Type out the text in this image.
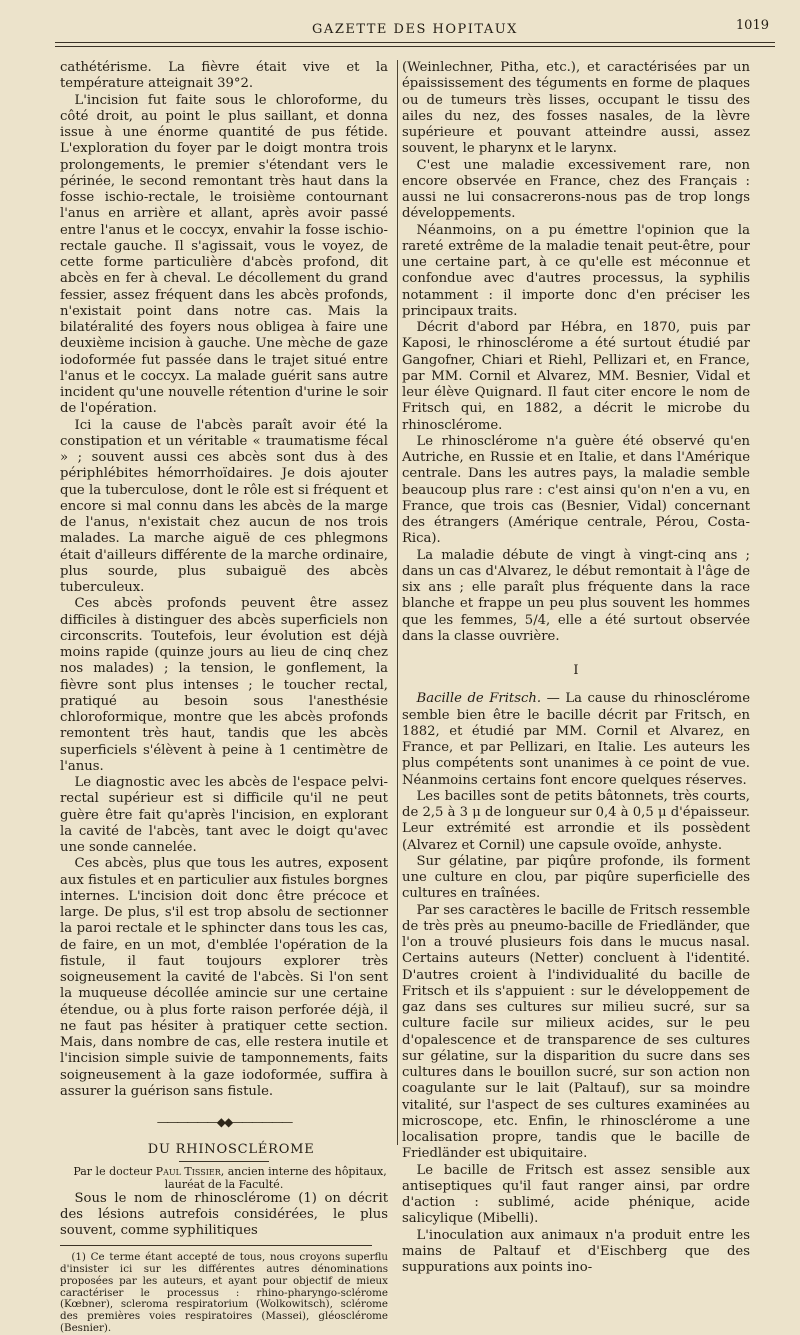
GAZETTE DES HOPITAUX	1019

cathétérisme. La fièvre était vive et la température atteignait 39°2.

L'incision fut faite sous le chloroforme, du côté droit, au point le plus saillant, et donna issue à une énorme quantité de pus fétide. L'exploration du foyer par le doigt montra trois prolongements, le premier s'étendant vers le périnée, le second remontant très haut dans la fosse ischio-rectale, le troisième contournant l'anus en arrière et allant, après avoir passé entre l'anus et le coccyx, envahir la fosse ischio-rectale gauche. Il s'agissait, vous le voyez, de cette forme particulière d'abcès profond, dit abcès en fer à cheval. Le décollement du grand fessier, assez fréquent dans les abcès profonds, n'existait point dans notre cas. Mais la bilatéralité des foyers nous obligea à faire une deuxième incision à gauche. Une mèche de gaze iodoformée fut passée dans le trajet situé entre l'anus et le coccyx. La malade guérit sans autre incident qu'une nouvelle rétention d'urine le soir de l'opération.

Ici la cause de l'abcès paraît avoir été la constipation et un véritable « traumatisme fécal » ; souvent aussi ces abcès sont dus à des périphlébites hémorrhoïdaires. Je dois ajouter que la tuberculose, dont le rôle est si fréquent et encore si mal connu dans les abcès de la marge de l'anus, n'existait chez aucun de nos trois malades. La marche aiguë de ces phlegmons était d'ailleurs différente de la marche ordinaire, plus sourde, plus subaiguë des abcès tuberculeux.

Ces abcès profonds peuvent être assez difficiles à distinguer des abcès superficiels non circonscrits. Toutefois, leur évolution est déjà moins rapide (quinze jours au lieu de cinq chez nos malades) ; la tension, le gonflement, la fièvre sont plus intenses ; le toucher rectal, pratiqué au besoin sous l'anesthésie chloroformique, montre que les abcès profonds remontent très haut, tandis que les abcès superficiels s'élèvent à peine à 1 centimètre de l'anus.

Le diagnostic avec les abcès de l'espace pelvi-rectal supérieur est si difficile qu'il ne peut guère être fait qu'après l'incision, en explorant la cavité de l'abcès, tant avec le doigt qu'avec une sonde cannelée.

Ces abcès, plus que tous les autres, exposent aux fistules et en particulier aux fistules borgnes internes. L'incision doit donc être précoce et large. De plus, s'il est trop absolu de sectionner la paroi rectale et le sphincter dans tous les cas, de faire, en un mot, d'emblée l'opération de la fistule, il faut toujours explorer très soigneusement la cavité de l'abcès. Si l'on sent la muqueuse décollée amincie sur une certaine étendue, ou à plus forte raison perforée déjà, il ne faut pas hésiter à pratiquer cette section. Mais, dans nombre de cas, elle restera inutile et l'incision simple suivie de tamponnements, faits soigneusement à la gaze iodoformée, suffira à assurer la guérison sans fistule.

——————◆◆——————

DU RHINOSCLÉROME

Par le docteur Paul Tissier, ancien interne des hôpitaux,
lauréat de la Faculté.

Sous le nom de rhinosclérome (1) on décrit des lésions autrefois considérées, le plus souvent, comme syphilitiques

(1) Ce terme étant accepté de tous, nous croyons superflu d'insister ici sur les différentes autres dénominations proposées par les auteurs, et ayant pour objectif de mieux caractériser le processus : rhino-pharyngo-sclérome (Kœbner), scleroma respiratorium (Wolkowitsch), sclérome des premières voies respiratoires (Massei), gléosclérome (Besnier).

(Weinlechner, Pitha, etc.), et caractérisées par un épaississement des téguments en forme de plaques ou de tumeurs très lisses, occupant le tissu des ailes du nez, des fosses nasales, de la lèvre supérieure et pouvant atteindre aussi, assez souvent, le pharynx et le larynx.

C'est une maladie excessivement rare, non encore observée en France, chez des Français : aussi ne lui consacrerons-nous pas de trop longs développements.

Néanmoins, on a pu émettre l'opinion que la rareté extrême de la maladie tenait peut-être, pour une certaine part, à ce qu'elle est méconnue et confondue avec d'autres processus, la syphilis notamment : il importe donc d'en préciser les principaux traits.

Décrit d'abord par Hébra, en 1870, puis par Kaposi, le rhinosclérome a été surtout étudié par Gangofner, Chiari et Riehl, Pellizari et, en France, par MM. Cornil et Alvarez, MM. Besnier, Vidal et leur élève Quignard. Il faut citer encore le nom de Fritsch qui, en 1882, a décrit le microbe du rhinosclérome.

Le rhinosclérome n'a guère été observé qu'en Autriche, en Russie et en Italie, et dans l'Amérique centrale. Dans les autres pays, la maladie semble beaucoup plus rare : c'est ainsi qu'on n'en a vu, en France, que trois cas (Besnier, Vidal) concernant des étrangers (Amérique centrale, Pérou, Costa-Rica).

La maladie débute de vingt à vingt-cinq ans ; dans un cas d'Alvarez, le début remontait à l'âge de six ans ; elle paraît plus fréquente dans la race blanche et frappe un peu plus souvent les hommes que les femmes, 5/4, elle a été surtout observée dans la classe ouvrière.

I

Bacille de Fritsch. — La cause du rhinosclérome semble bien être le bacille décrit par Fritsch, en 1882, et étudié par MM. Cornil et Alvarez, en France, et par Pellizari, en Italie. Les auteurs les plus compétents sont unanimes à ce point de vue. Néanmoins certains font encore quelques réserves.

Les bacilles sont de petits bâtonnets, très courts, de 2,5 à 3 μ de longueur sur 0,4 à 0,5 μ d'épaisseur. Leur extrémité est arrondie et ils possèdent (Alvarez et Cornil) une capsule ovoïde, anhyste.

Sur gélatine, par piqûre profonde, ils forment une culture en clou, par piqûre superficielle des cultures en traînées.

Par ses caractères le bacille de Fritsch ressemble de très près au pneumo-bacille de Friedländer, que l'on a trouvé plusieurs fois dans le mucus nasal. Certains auteurs (Netter) concluent à l'identité. D'autres croient à l'individualité du bacille de Fritsch et ils s'appuient : sur le développement de gaz dans ses cultures sur milieu sucré, sur sa culture facile sur milieux acides, sur le peu d'opalescence et de transparence de ses cultures sur gélatine, sur la disparition du sucre dans ses cultures dans le bouillon sucré, sur son action non coagulante sur le lait (Paltauf), sur sa moindre vitalité, sur l'aspect de ses cultures examinées au microscope, etc. Enfin, le rhinosclérome a une localisation propre, tandis que le bacille de Friedländer est ubiquitaire.

Le bacille de Fritsch est assez sensible aux antiseptiques qu'il faut ranger ainsi, par ordre d'action : sublimé, acide phénique, acide salicylique (Mibelli).

L'inoculation aux animaux n'a produit entre les mains de Paltauf et d'Eischberg que des suppurations aux points ino-
